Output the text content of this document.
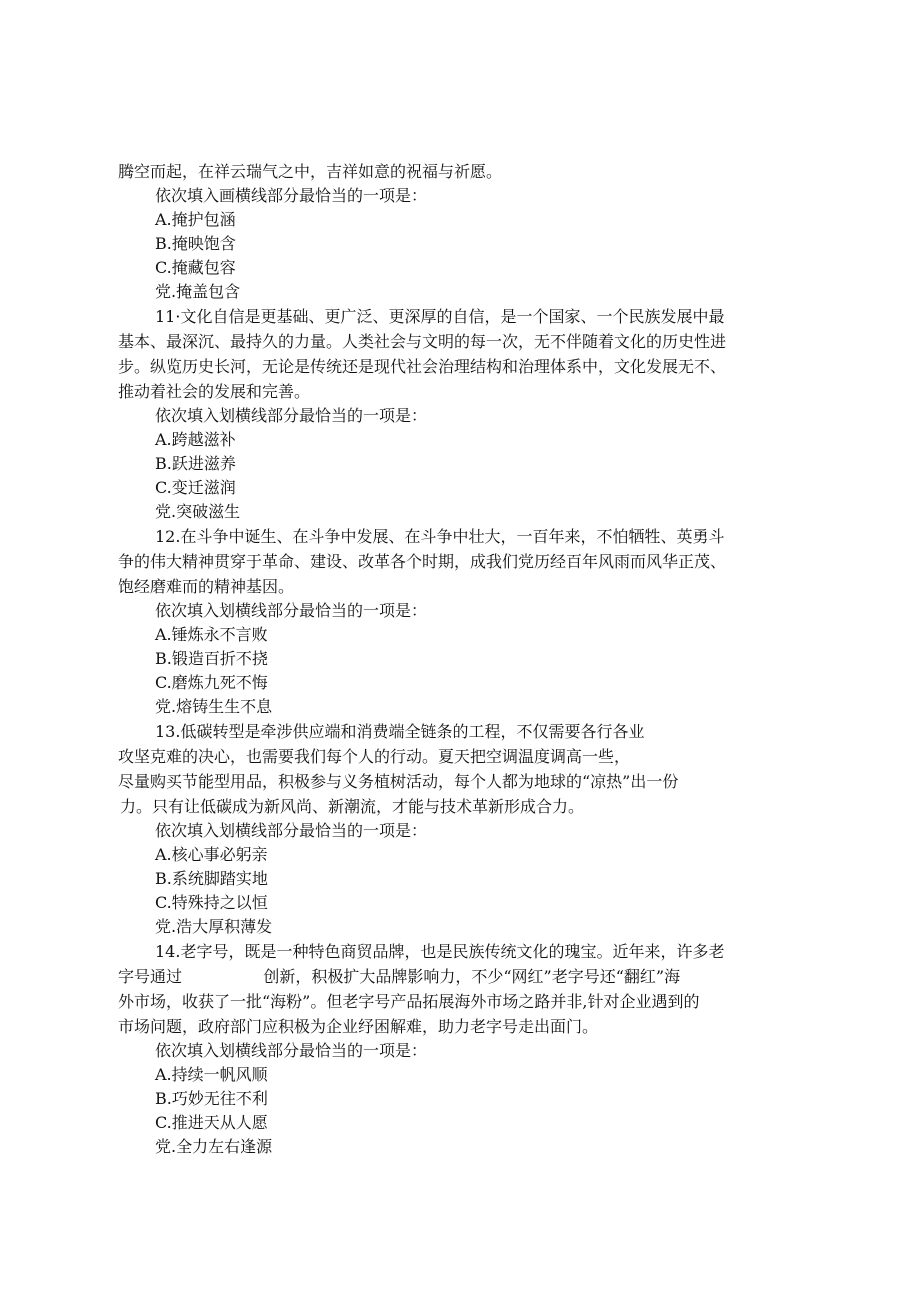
腾空而起，在祥云瑞气之中，吉祥如意的祝福与祈愿。
依次填入画横线部分最恰当的一项是：
A.掩护包涵
B.掩映饱含
C.掩藏包容
党.掩盖包含
11·文化自信是更基础、更广泛、更深厚的自信，是一个国家、一个民族发展中最
基本、最深沉、最持久的力量。人类社会与文明的每一次，无不伴随着文化的历史性进
步。纵览历史长河，无论是传统还是现代社会治理结构和治理体系中，文化发展无不、
推动着社会的发展和完善。
依次填入划横线部分最恰当的一项是：
A.跨越滋补
B.跃进滋养
C.变迁滋润
党.突破滋生
12.在斗争中诞生、在斗争中发展、在斗争中壮大，一百年来，不怕牺牲、英勇斗
争的伟大精神贯穿于革命、建设、改革各个时期，成我们党历经百年风雨而风华正茂、
饱经磨难而的精神基因。
依次填入划横线部分最恰当的一项是：
A.锤炼永不言败
B.锻造百折不挠
C.磨炼九死不悔
党.熔铸生生不息
13.低碳转型是牵涉供应端和消费端全链条的工程，不仅需要各行各业
攻坚克难的决心，也需要我们每个人的行动。夏天把空调温度调高一些，
尽量购买节能型用品，积极参与义务植树活动，每个人都为地球的“凉热”出一份
力。只有让低碳成为新风尚、新潮流，才能与技术革新形成合力。
依次填入划横线部分最恰当的一项是：
A.核心事必躬亲
B.系统脚踏实地
C.特殊持之以恒
党.浩大厚积薄发
14.老字号，既是一种特色商贸品牌，也是民族传统文化的瑰宝。近年来，许多老
字号通过                创新，积极扩大品牌影响力，不少“网红”老字号还“翻红”海
外市场，收获了一批“海粉”。但老字号产品拓展海外市场之路并非,针对企业遇到的
市场问题，政府部门应积极为企业纾困解难，助力老字号走出面门。
依次填入划横线部分最恰当的一项是：
A.持续一帆风顺
B.巧妙无往不利
C.推进天从人愿
党.全力左右逢源
